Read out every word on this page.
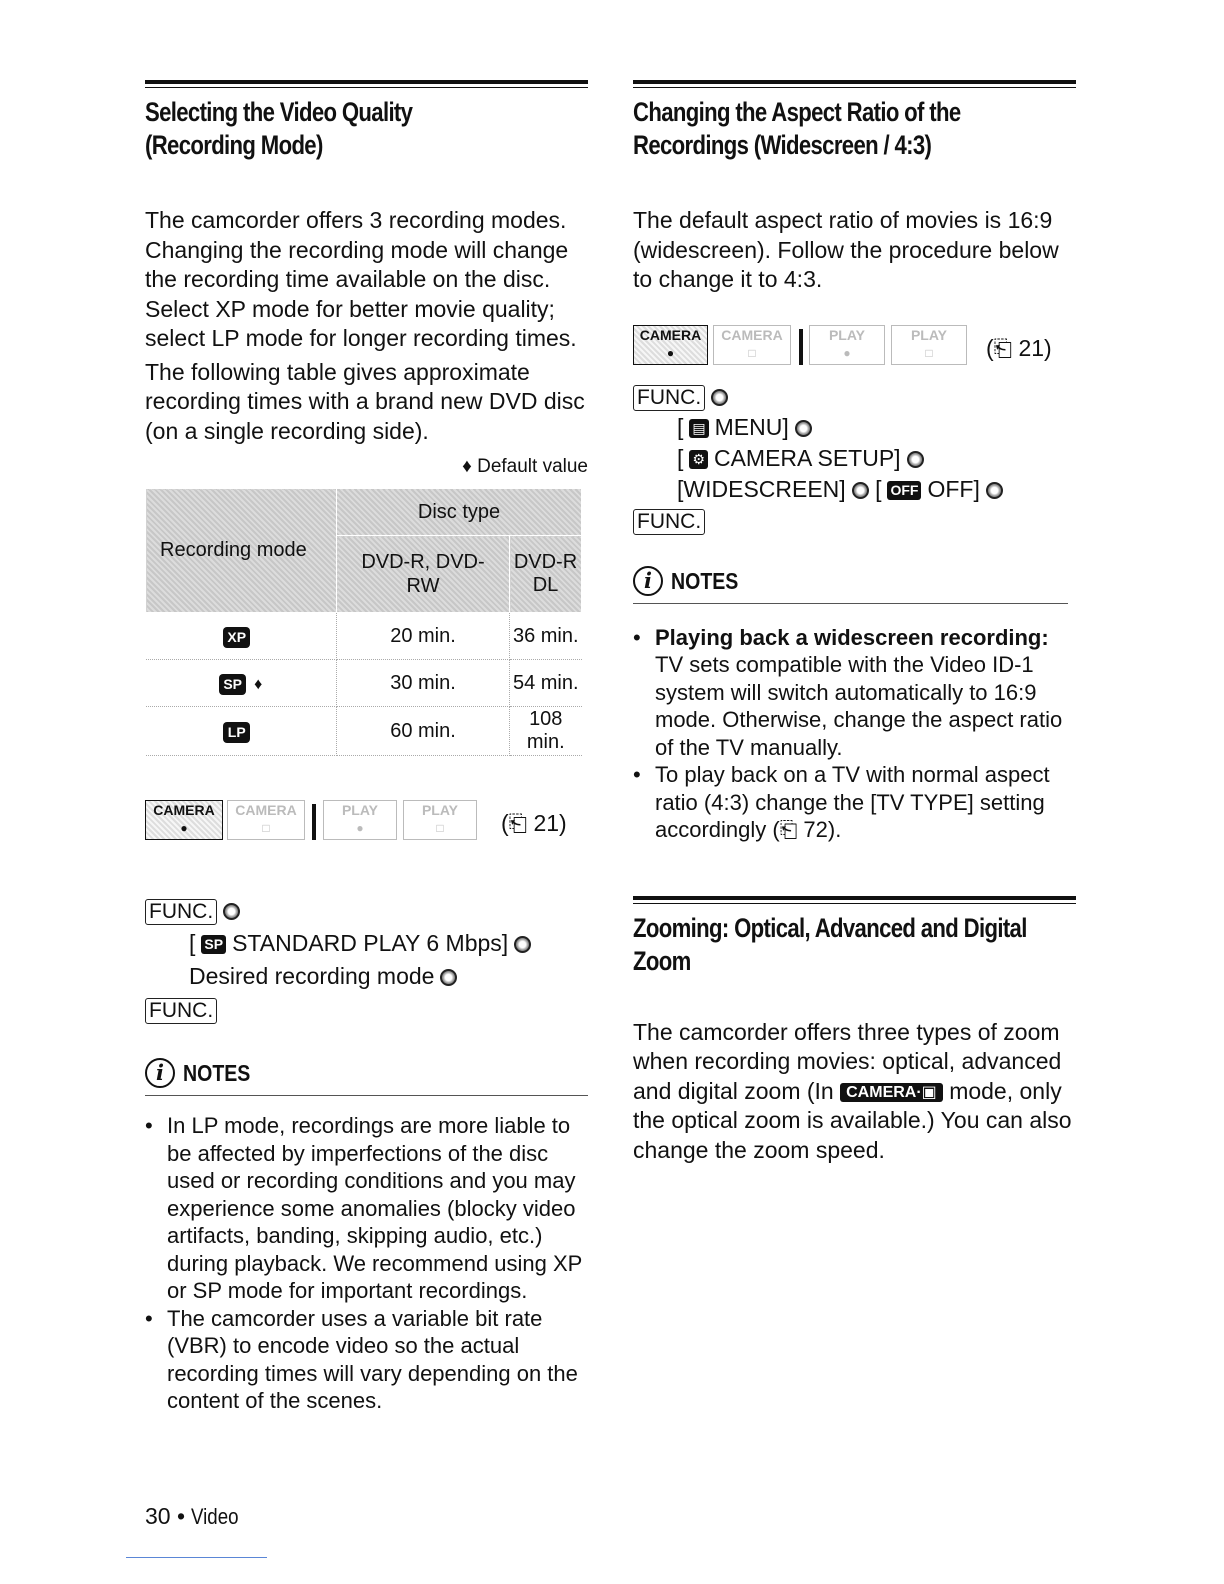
Selecting the Video Quality
(Recording Mode)

The camcorder offers 3 recording modes. Changing the recording mode will change the recording time available on the disc. Select XP mode for better movie quality; select LP mode for longer recording times.

The following table gives approximate recording times with a brand new DVD disc (on a single recording side).

♦ Default value
Recording mode	Disc type	
	DVD-R, DVD-RW	DVD-R DL
XP	20 min.	36 min.
SP ♦	30 min.	54 min.
LP	60 min.	108 min.
CAMERA
●
CAMERA
□
PLAY
●
PLAY
□	(⎗ 21)
FUNC.
[ SP STANDARD PLAY 6 Mbps]
Desired recording mode
FUNC.
i NOTES
• In LP mode, recordings are more liable to be affected by imperfections of the disc used or recording conditions and you may experience some anomalies (blocky video artifacts, banding, skipping audio, etc.) during playback. We recommend using XP or SP mode for important recordings.
• The camcorder uses a variable bit rate (VBR) to encode video so the actual recording times will vary depending on the content of the scenes.
Changing the Aspect Ratio of the
Recordings (Widescreen / 4:3)

The default aspect ratio of movies is 16:9 (widescreen). Follow the procedure below to change it to 4:3.

CAMERA
●
CAMERA
□
PLAY
●
PLAY
□	(⎗ 21)
FUNC.
[ ▤ MENU]
[ ⚙ CAMERA SETUP]
[WIDESCREEN] [ OFF OFF]
FUNC.
i NOTES
• Playing back a widescreen recording:
TV sets compatible with the Video ID-1 system will switch automatically to 16:9 mode. Otherwise, change the aspect ratio of the TV manually.
• To play back on a TV with normal aspect ratio (4:3) change the [TV TYPE] setting accordingly (⎗ 72).
Zooming: Optical, Advanced and Digital
Zoom

The camcorder offers three types of zoom when recording movies: optical, advanced and digital zoom (In CAMERA·▣ mode, only the optical zoom is available.) You can also change the zoom speed.

30 • Video
